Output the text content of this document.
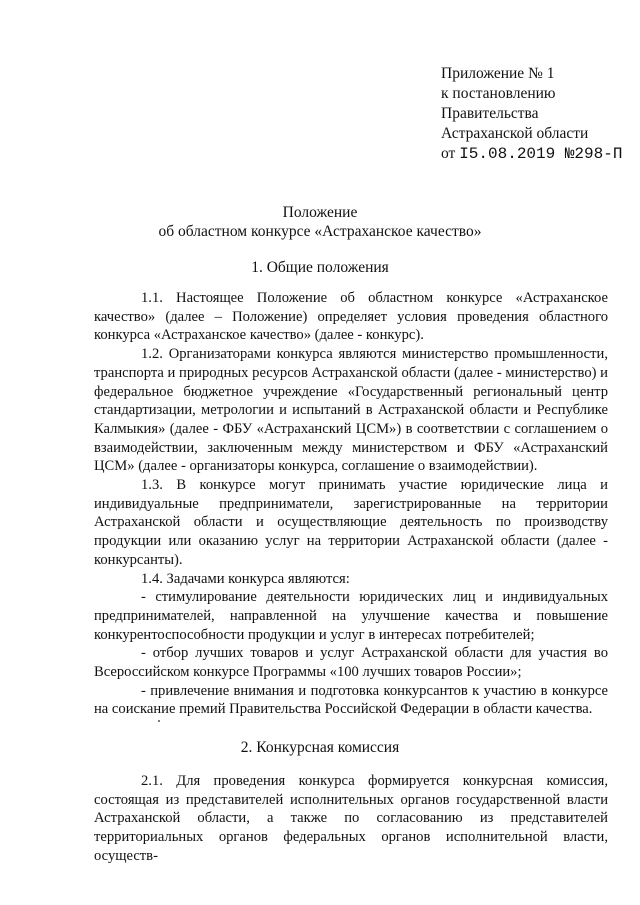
Приложение № 1
к постановлению
Правительства
Астраханской области
от I5.08.2019 №298-П
Положение
об областном конкурсе «Астраханское качество»
1. Общие положения

1.1. Настоящее Положение об областном конкурсе «Астраханское качество» (далее – Положение) определяет условия проведения областного конкурса «Астраханское качество» (далее - конкурс).

1.2. Организаторами конкурса являются министерство промышленности, транспорта и природных ресурсов Астраханской области (далее - министерство) и федеральное бюджетное учреждение «Государственный региональный центр стандартизации, метрологии и испытаний в Астраханской области и Республике Калмыкия» (далее - ФБУ «Астраханский ЦСМ») в соответствии с соглашением о взаимодействии, заключенным между министерством и ФБУ «Астраханский ЦСМ» (далее - организаторы конкурса, соглашение о взаимодействии).

1.3. В конкурсе могут принимать участие юридические лица и индивидуальные предприниматели, зарегистрированные на территории Астраханской области и осуществляющие деятельность по производству продукции или оказанию услуг на территории Астраханской области (далее - конкурсанты).

1.4. Задачами конкурса являются:

- стимулирование деятельности юридических лиц и индивидуальных предпринимателей, направленной на улучшение качества и повышение конкурентоспособности продукции и услуг в интересах потребителей;

- отбор лучших товаров и услуг Астраханской области для участия во Всероссийском конкурсе Программы «100 лучших товаров России»;

- привлечение внимания и подготовка конкурсантов к участию в конкурсе на соискание премий Правительства Российской Федерации в области качества.

2. Конкурсная комиссия

2.1. Для проведения конкурса формируется конкурсная комиссия, состоящая из представителей исполнительных органов государственной власти Астраханской области, а также по согласованию из представителей территориальных органов федеральных органов исполнительной власти, осуществ-
